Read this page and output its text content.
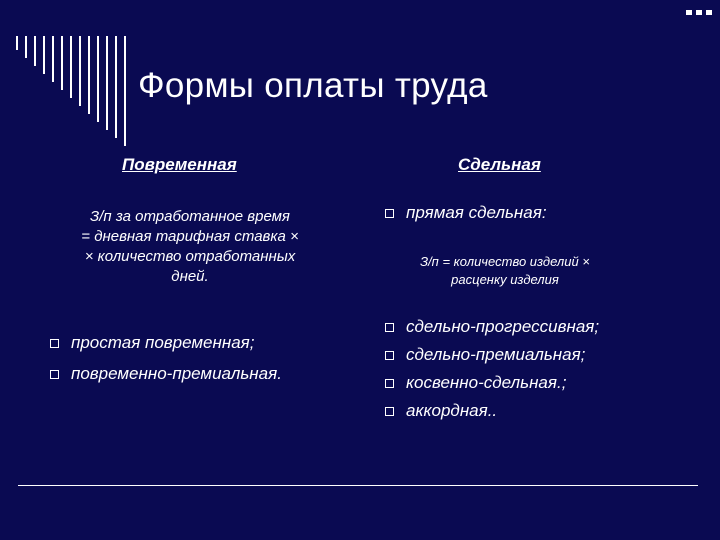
Формы оплаты труда
Повременная	Сдельная
З/п за отработанное время
= дневная тарифная ставка ×
× количество отработанных
дней.
простая повременная;
повременно-премиальная.
прямая сдельная:
З/п = количество изделий ×
расценку изделия
сдельно-прогрессивная;
сдельно-премиальная;
косвенно-сдельная.;
аккордная..
